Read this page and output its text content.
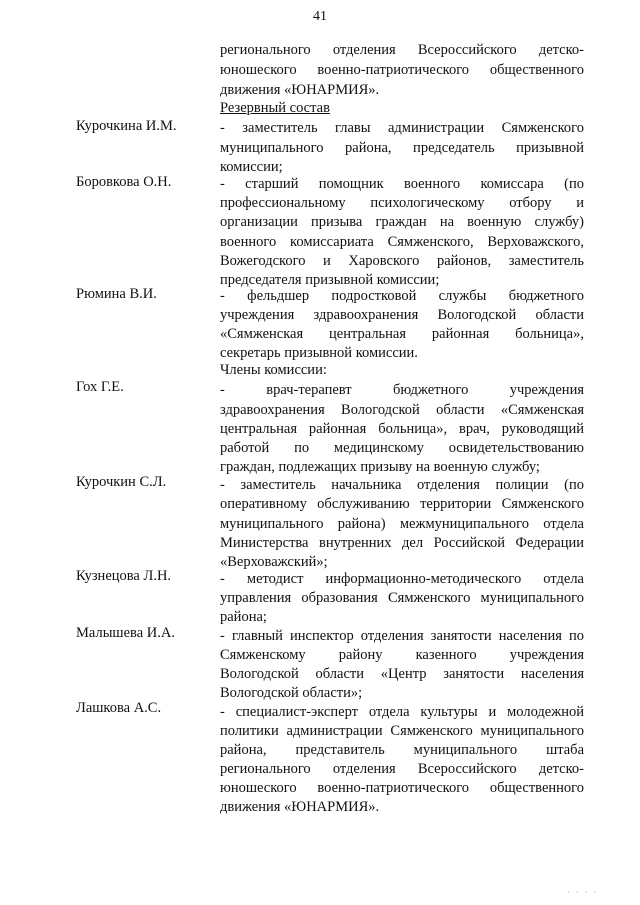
41
регионального отделения Всероссийского детско-
юношеского военно-патриотического общественного
движения «ЮНАРМИЯ».
Резервный состав
Курочкина И.М.	- заместитель главы администрации Сямженского
муниципального района, председатель призывной
комиссии;
Боровкова О.Н.	- старший помощник военного комиссара (по
профессиональному психологическому отбору и
организации призыва граждан на военную службу)
военного комиссариата Сямженского, Верховажского,
Вожегодского и Харовского районов, заместитель
председателя призывной комиссии;
Рюмина В.И.	- фельдшер подростковой службы бюджетного
учреждения здравоохранения Вологодской области
«Сямженская центральная районная больница»,
секретарь призывной комиссии.
Члены комиссии:
Гох Г.Е.	- врач-терапевт бюджетного учреждения
здравоохранения Вологодской области «Сямженская
центральная районная больница», врач, руководящий
работой по медицинскому освидетельствованию
граждан, подлежащих призыву на военную службу;
Курочкин С.Л.	- заместитель начальника отделения полиции (по
оперативному обслуживанию территории Сямженского
муниципального района) межмуниципального отдела
Министерства внутренних дел Российской Федерации
«Верховажский»;
Кузнецова Л.Н.	- методист информационно-методического отдела
управления образования Сямженского муниципального
района;
Малышева И.А.	- главный инспектор отделения занятости населения по
Сямженскому району казенного учреждения
Вологодской области «Центр занятости населения
Вологодской области»;
Лашкова А.С.	- специалист-эксперт отдела культуры и молодежной
политики администрации Сямженского муниципального
района, представитель муниципального штаба
регионального отделения Всероссийского детско-
юношеского военно-патриотического общественного
движения «ЮНАРМИЯ».
· · · ·
